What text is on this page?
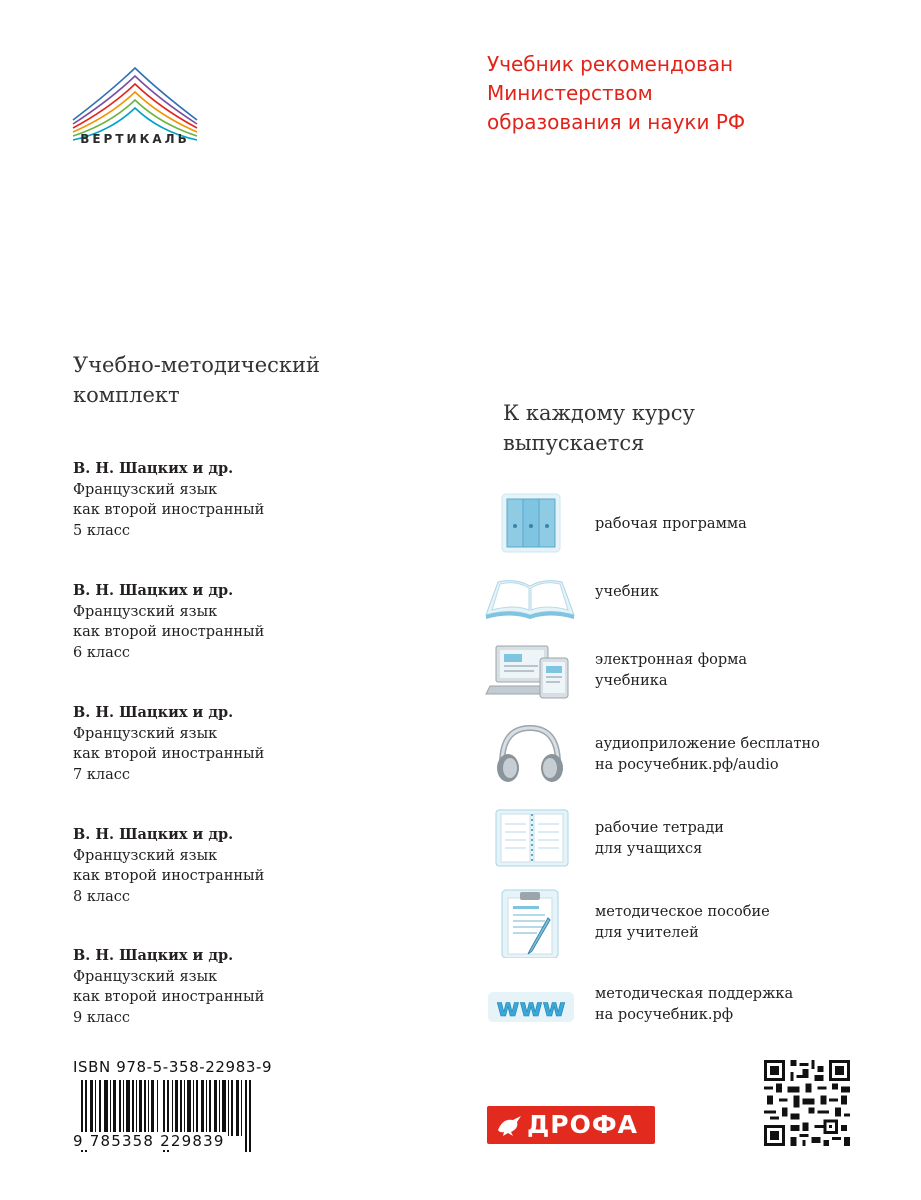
ВЕРТИКАЛЬ
Учебник рекомендован
Министерством
образования и науки РФ
Учебно-методический
комплект
В. Н. Шацких и др.
Французский язык
как второй иностранный
5 класс
В. Н. Шацких и др.
Французский язык
как второй иностранный
6 класс
В. Н. Шацких и др.
Французский язык
как второй иностранный
7 класс
В. Н. Шацких и др.
Французский язык
как второй иностранный
8 класс
В. Н. Шацких и др.
Французский язык
как второй иностранный
9 класс
К каждому курсу
выпускается
рабочая программа
учебник
электронная форма
учебника
аудиоприложение бесплатно
на росучебник.рф/audio
рабочие тетради
для учащихся
методическое пособие
для учителей
www методическая поддержка
на росучебник.рф
ISBN 978-5-358-22983-9
9 785358 229839
ДРОФА
